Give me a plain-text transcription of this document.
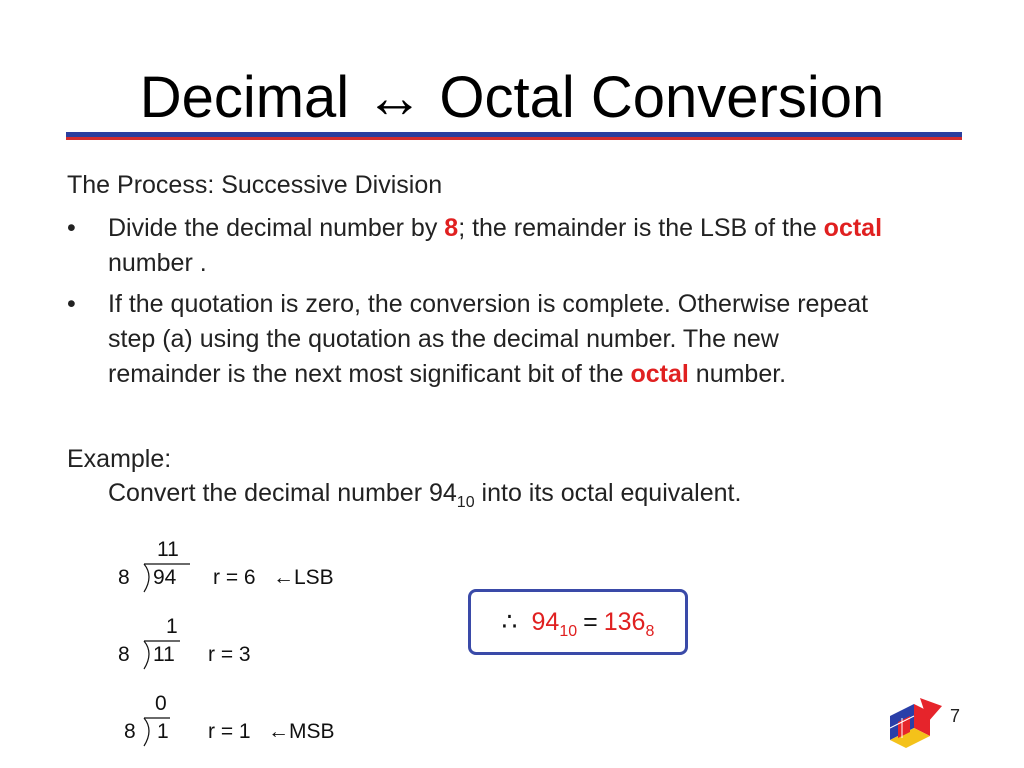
Decimal ↔ Octal Conversion
The Process: Successive Division
• Divide the decimal number by 8; the remainder is the LSB of the octal
number .
• If the quotation is zero, the conversion is complete. Otherwise repeat
step (a) using the quotation as the decimal number. The new
remainder is the next most significant bit of the octal number.
Example:
Convert the decimal number $94_{10}$ into its octal equivalent.
11
8 94 r = 6 ←LSB
1
8 11 r = 3
0
8 1 r = 1 ←MSB
∴ $94_{10} = 136_8$
7
